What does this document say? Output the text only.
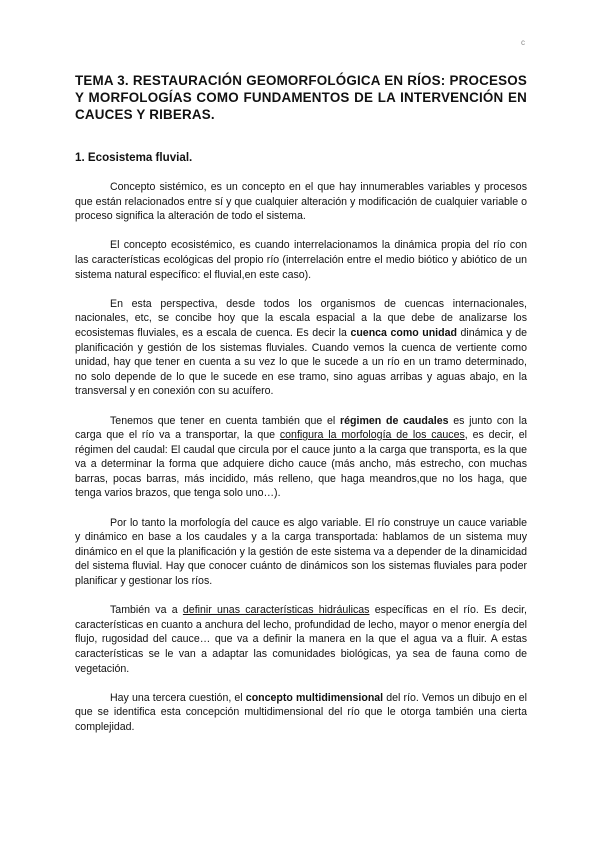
c
TEMA 3. RESTAURACIÓN GEOMORFOLÓGICA EN RÍOS: PROCESOS Y MORFOLOGÍAS COMO FUNDAMENTOS DE LA INTERVENCIÓN EN CAUCES Y RIBERAS.
1. Ecosistema fluvial.

Concepto sistémico, es un concepto en el que hay innumerables variables y procesos que están relacionados entre sí y que cualquier alteración y modificación de cualquier variable o proceso significa la alteración de todo el sistema.

El concepto ecosistémico, es cuando interrelacionamos la dinámica propia del río con las características ecológicas del propio río (interrelación entre el medio biótico y abiótico de un sistema natural específico: el fluvial,en este caso).

En esta perspectiva, desde todos los organismos de cuencas internacionales, nacionales, etc, se concibe hoy que la escala espacial a la que debe de analizarse los ecosistemas fluviales, es a escala de cuenca. Es decir la cuenca como unidad dinámica y de planificación y gestión de los sistemas fluviales. Cuando vemos la cuenca de vertiente como unidad, hay que tener en cuenta a su vez lo que le sucede a un río en un tramo determinado, no solo depende de lo que le sucede en ese tramo, sino aguas arribas y aguas abajo, en la transversal y en conexión con su acuífero.

Tenemos que tener en cuenta también que el régimen de caudales es junto con la carga que el río va a transportar, la que configura la morfología de los cauces, es decir, el régimen del caudal: El caudal que circula por el cauce junto a la carga que transporta, es la que va a determinar la forma que adquiere dicho cauce (más ancho, más estrecho, con muchas barras, pocas barras, más incidido, más relleno, que haga meandros,que no los haga, que tenga varios brazos, que tenga solo uno…).

Por lo tanto la morfología del cauce es algo variable. El río construye un cauce variable y dinámico en base a los caudales y a la carga transportada: hablamos de un sistema muy dinámico en el que la planificación y la gestión de este sistema va a depender de la dinamicidad del sistema fluvial. Hay que conocer cuánto de dinámicos son los sistemas fluviales para poder planificar y gestionar los ríos.

También va a definir unas características hidráulicas específicas en el río. Es decir, características en cuanto a anchura del lecho, profundidad de lecho, mayor o menor energía del flujo, rugosidad del cauce… que va a definir la manera en la que el agua va a fluir. A estas características se le van a adaptar las comunidades biológicas, ya sea de fauna como de vegetación.

Hay una tercera cuestión, el concepto multidimensional del río. Vemos un dibujo en el que se identifica esta concepción multidimensional del río que le otorga también una cierta complejidad.
